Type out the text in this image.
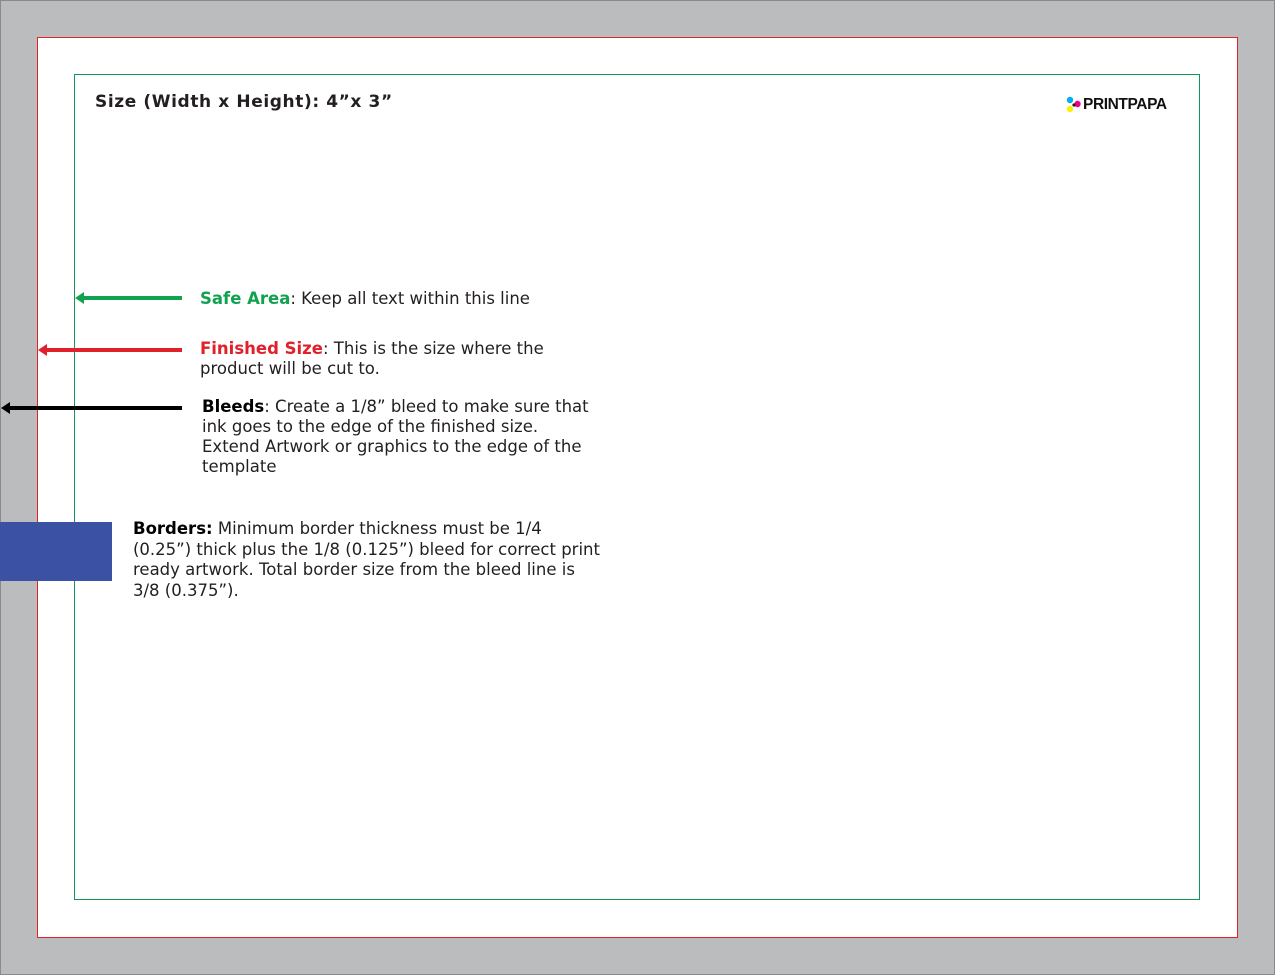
Size (Width x Height): 4”x 3”	PRINTPAPA
Safe Area: Keep all text within this line
Finished Size: This is the size where the product will be cut to.
Bleeds: Create a 1/8” bleed to make sure that ink goes to the edge of the finished size. Extend Artwork or graphics to the edge of the template
Borders: Minimum border thickness must be 1/4 (0.25”) thick plus the 1/8 (0.125”) bleed for correct print ready artwork. Total border size from the bleed line is 3/8 (0.375”).
